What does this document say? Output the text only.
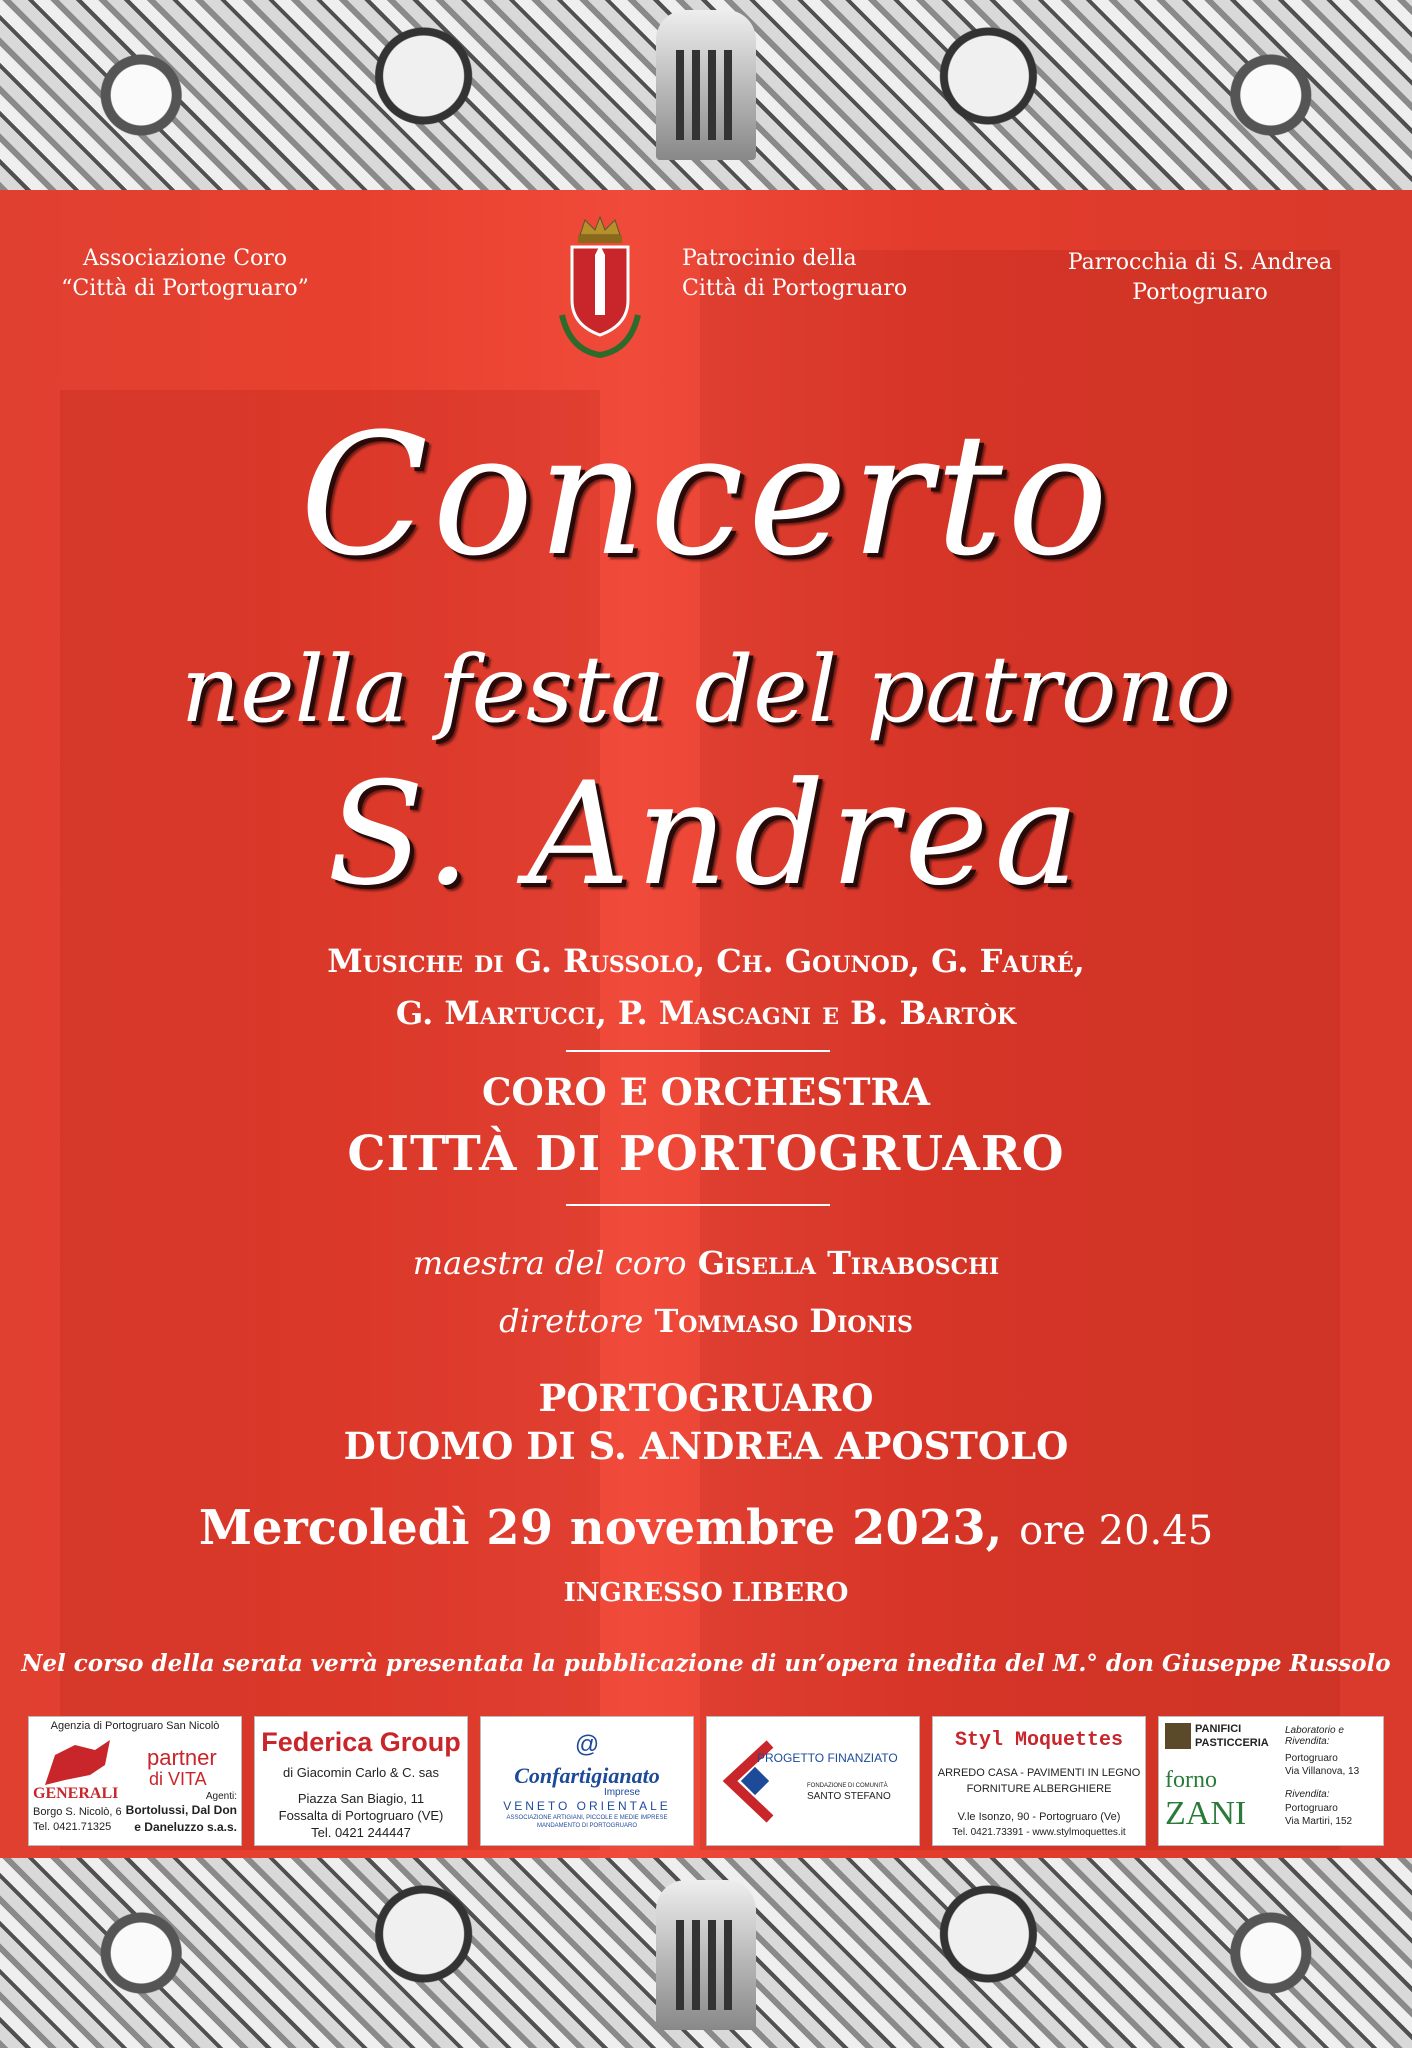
Associazione Coro
“Città di Portogruaro”
Patrocinio della
Città di Portogruaro
Parrocchia di S. Andrea
Portogruaro
Concerto
nella festa del patrono
S. Andrea
Musiche di G. Russolo, Ch. Gounod, G. Fauré,
G. Martucci, P. Mascagni e B. Bartòk
CORO E ORCHESTRA
CITTÀ DI PORTOGRUARO
maestra del coro Gisella Tiraboschi
direttore Tommaso Dionis
PORTOGRUARO
DUOMO DI S. ANDREA APOSTOLO
Mercoledì 29 novembre 2023, ore 20.45
INGRESSO LIBERO
Nel corso della serata verrà presentata la pubblicazione di un’opera inedita del M.° don Giuseppe Russolo
Agenzia di Portogruaro San Nicolò
GENERALI
Borgo S. Nicolò, 6
Tel. 0421.71325
partner
di VITA
Agenti:
Bortolussi, Dal Don
e Daneluzzo s.a.s.
Federica Group
di Giacomin Carlo & C. sas
Piazza San Biagio, 11
Fossalta di Portogruaro (VE)
Tel. 0421 244447
@
Confartigianato
Imprese
VENETO ORIENTALE
ASSOCIAZIONE ARTIGIANI, PICCOLE E MEDIE IMPRESE
MANDAMENTO DI PORTOGRUARO
PROGETTO FINANZIATO
FONDAZIONE DI COMUNITÀ
SANTO STEFANO
Styl Moquettes
ARREDO CASA - PAVIMENTI IN LEGNO
FORNITURE ALBERGHIERE
V.le Isonzo, 90 - Portogruaro (Ve)
Tel. 0421.73391 - www.stylmoquettes.it
PANIFICI
PASTICCERIA
forno
ZANI
Laboratorio e Rivendita:
Portogruaro
Via Villanova, 13
Rivendita:
Portogruaro
Via Martiri, 152
